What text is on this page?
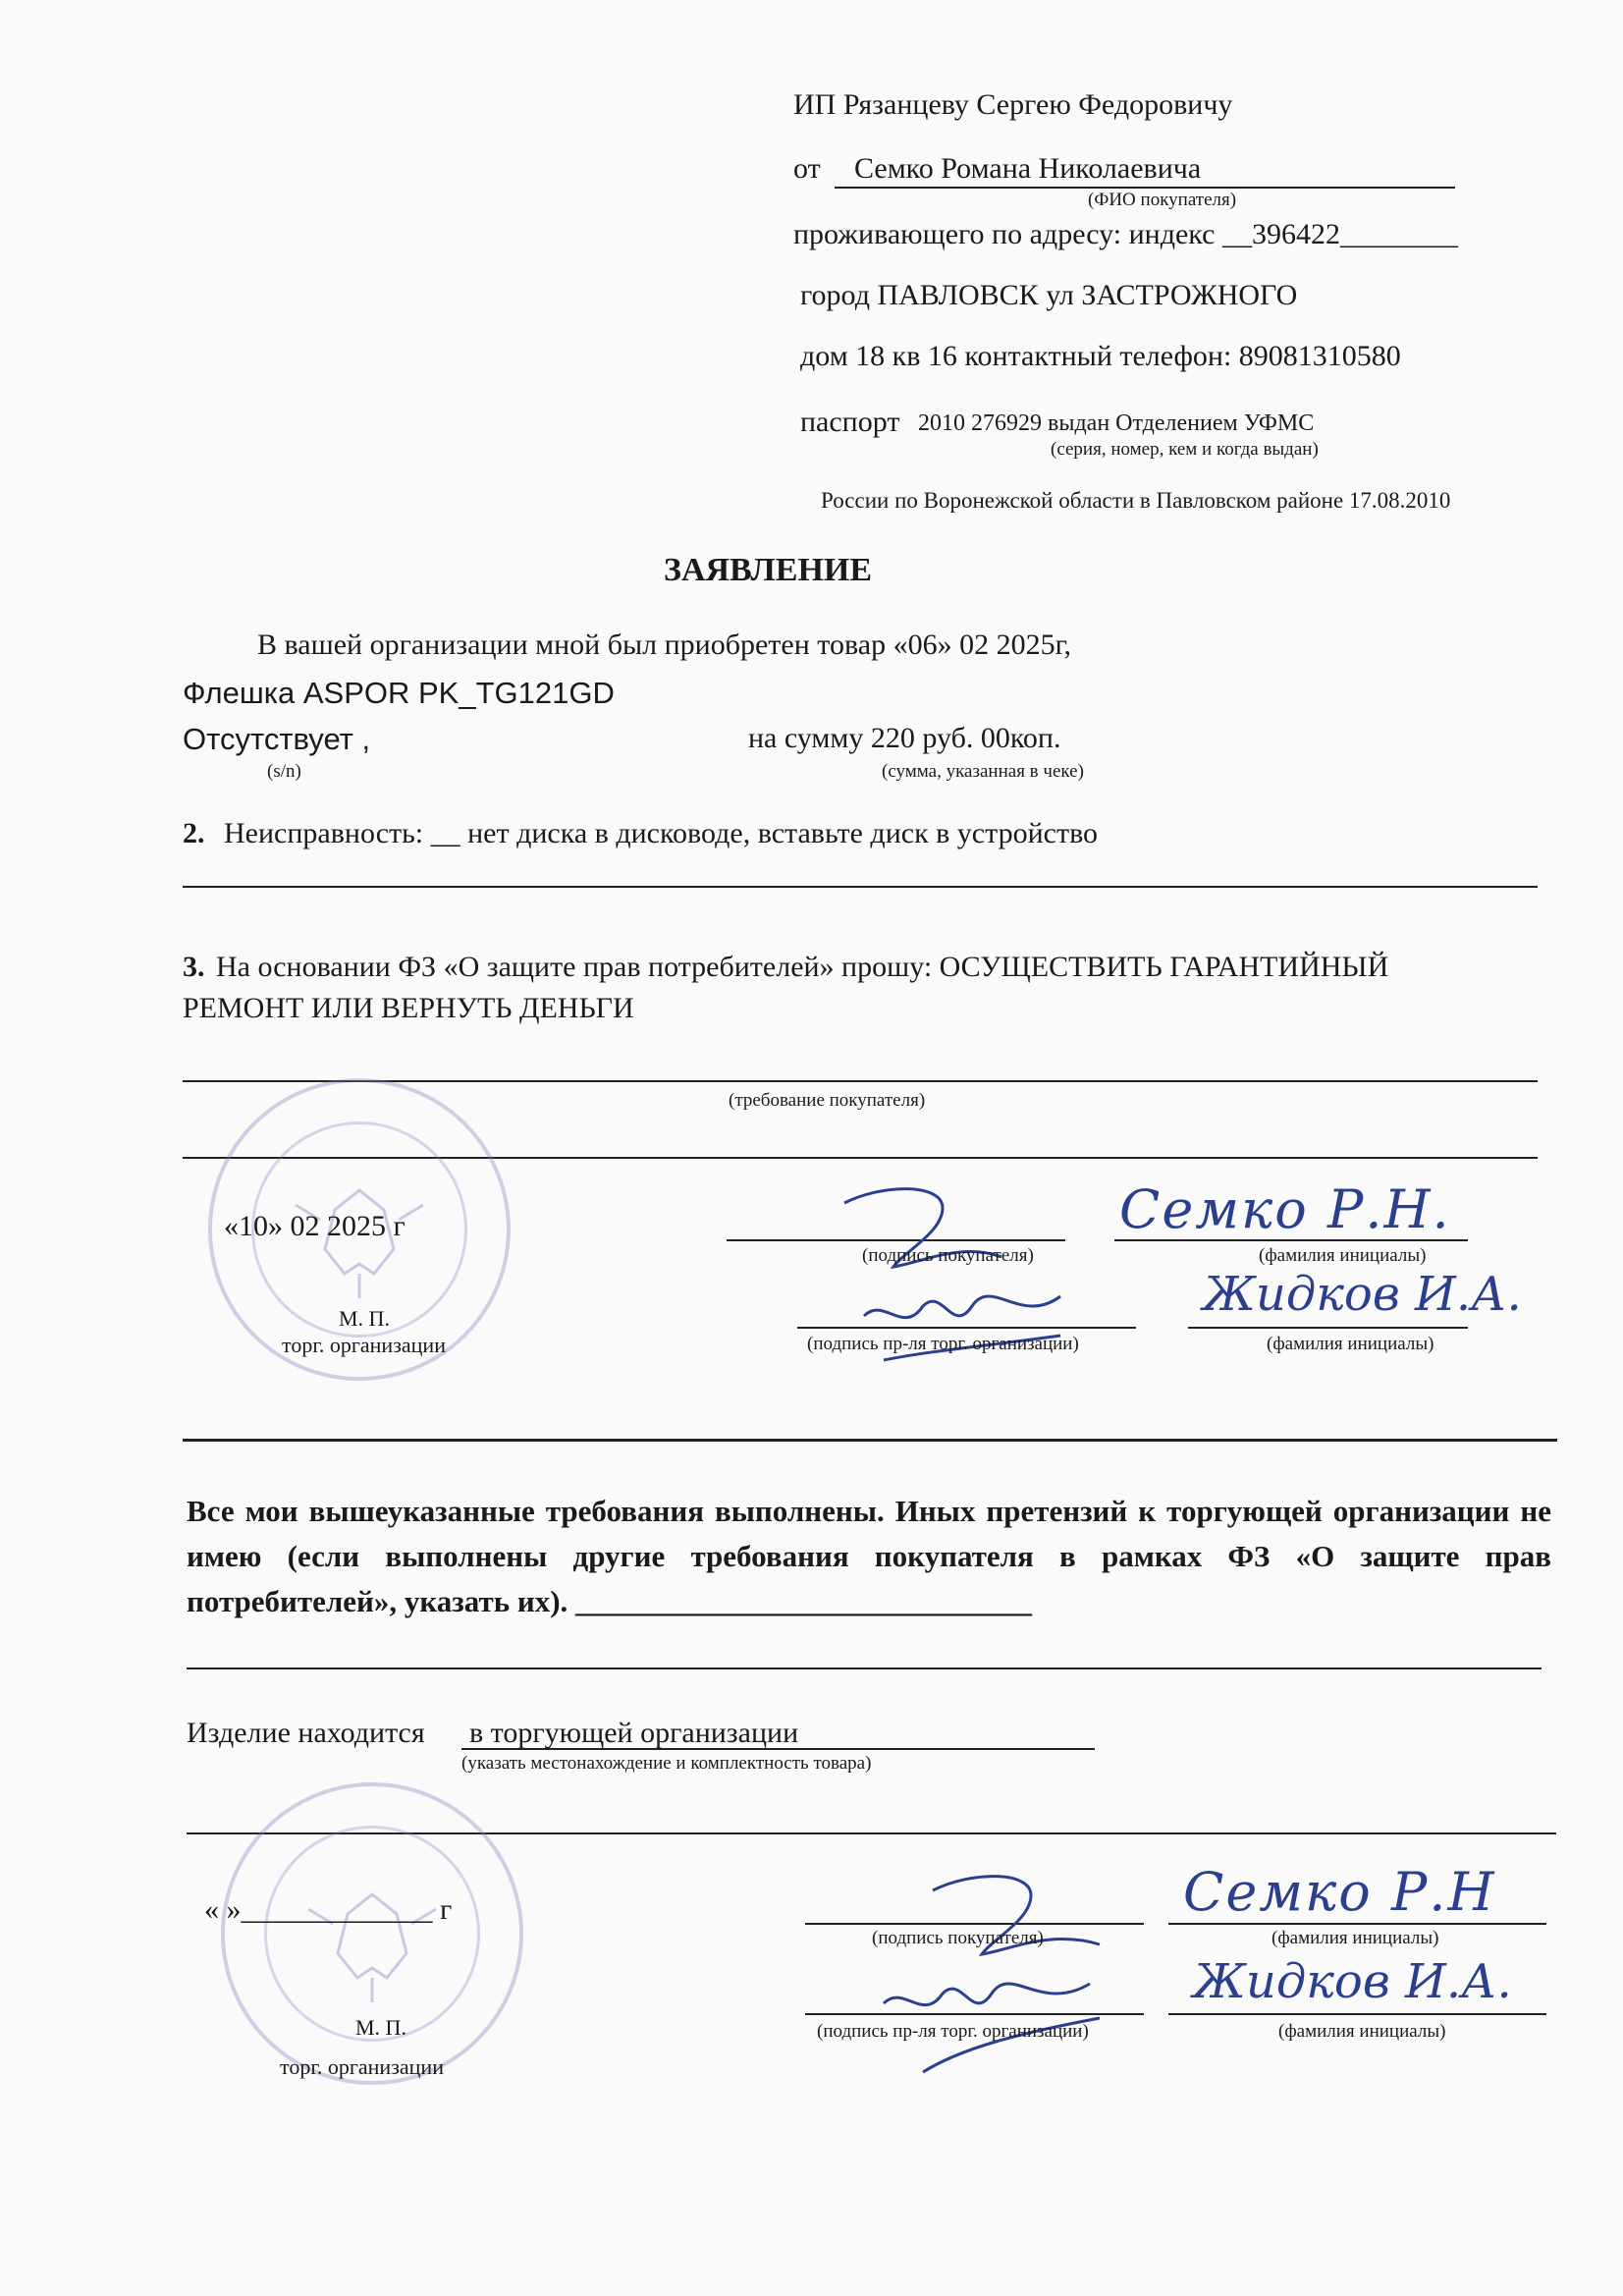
ИП Рязанцеву Сергею Федоровичу
от Семко Романа Николаевича
(ФИО покупателя)
проживающего по адресу: индекс __396422________
город ПАВЛОВСК ул ЗАСТРОЖНОГО
дом 18 кв 16 контактный телефон: 89081310580
паспорт 2010 276929 выдан Отделением УФМС
(серия, номер, кем и когда выдан)
России по Воронежской области в Павловском районе 17.08.2010
ЗАЯВЛЕНИЕ
В вашей организации мной был приобретен товар «06» 02 2025г,
Флешка ASPOR PK_TG121GD
Отсутствует ,	на сумму 220 руб. 00коп.
(s/n)	(сумма, указанная в чеке)
2. Неисправность: __ нет диска в дисководе, вставьте диск в устройство
3. На основании ФЗ «О защите прав потребителей» прошу: ОСУЩЕСТВИТЬ ГАРАНТИЙНЫЙ
РЕМОНТ ИЛИ ВЕРНУТЬ ДЕНЬГИ
(требование покупателя)
«10» 02 2025 г
М. П.
торг. организации
(подпись покупателя)
Семко Р.Н.
(фамилия инициалы)
(подпись пр-ля торг. организации)
Жидков И.А.
(фамилия инициалы)
Все мои вышеуказанные требования выполнены. Иных претензий к торгующей организации не имею (если выполнены другие требования покупателя в рамках ФЗ «О защите прав потребителей», указать их). ______________________________
Изделие находится в торгующей организации
(указать местонахождение и комплектность товара)
« »_____________ г
М. П.
торг. организации
(подпись покупателя)
Семко Р.Н
(фамилия инициалы)
(подпись пр-ля торг. организации)
Жидков И.А.
(фамилия инициалы)
